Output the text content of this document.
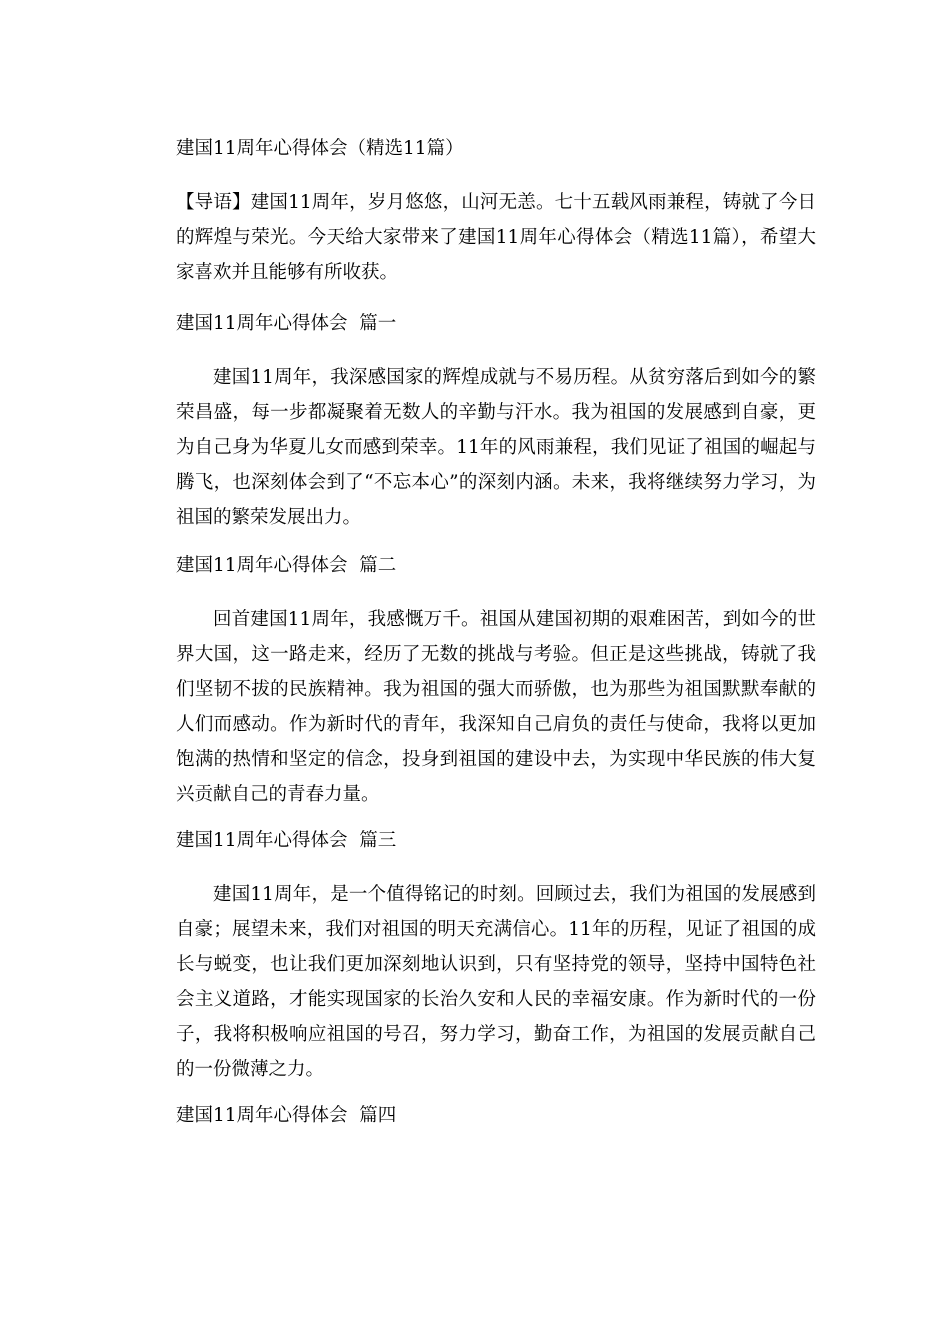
建国11周年心得体会（精选11篇）

【导语】建国11周年，岁月悠悠，山河无恙。七十五载风雨兼程，铸就了今日的辉煌与荣光。今天给大家带来了建国11周年心得体会（精选11篇），希望大家喜欢并且能够有所收获。

建国11周年心得体会  篇一

建国11周年，我深感国家的辉煌成就与不易历程。从贫穷落后到如今的繁荣昌盛，每一步都凝聚着无数人的辛勤与汗水。我为祖国的发展感到自豪，更为自己身为华夏儿女而感到荣幸。11年的风雨兼程，我们见证了祖国的崛起与腾飞，也深刻体会到了“不忘本心”的深刻内涵。未来，我将继续努力学习，为祖国的繁荣发展出力。

建国11周年心得体会  篇二

回首建国11周年，我感慨万千。祖国从建国初期的艰难困苦，到如今的世界大国，这一路走来，经历了无数的挑战与考验。但正是这些挑战，铸就了我们坚韧不拔的民族精神。我为祖国的强大而骄傲，也为那些为祖国默默奉献的人们而感动。作为新时代的青年，我深知自己肩负的责任与使命，我将以更加饱满的热情和坚定的信念，投身到祖国的建设中去，为实现中华民族的伟大复兴贡献自己的青春力量。

建国11周年心得体会  篇三

建国11周年，是一个值得铭记的时刻。回顾过去，我们为祖国的发展感到自豪；展望未来，我们对祖国的明天充满信心。11年的历程，见证了祖国的成长与蜕变，也让我们更加深刻地认识到，只有坚持党的领导，坚持中国特色社会主义道路，才能实现国家的长治久安和人民的幸福安康。作为新时代的一份子，我将积极响应祖国的号召，努力学习，勤奋工作，为祖国的发展贡献自己的一份微薄之力。

建国11周年心得体会  篇四
